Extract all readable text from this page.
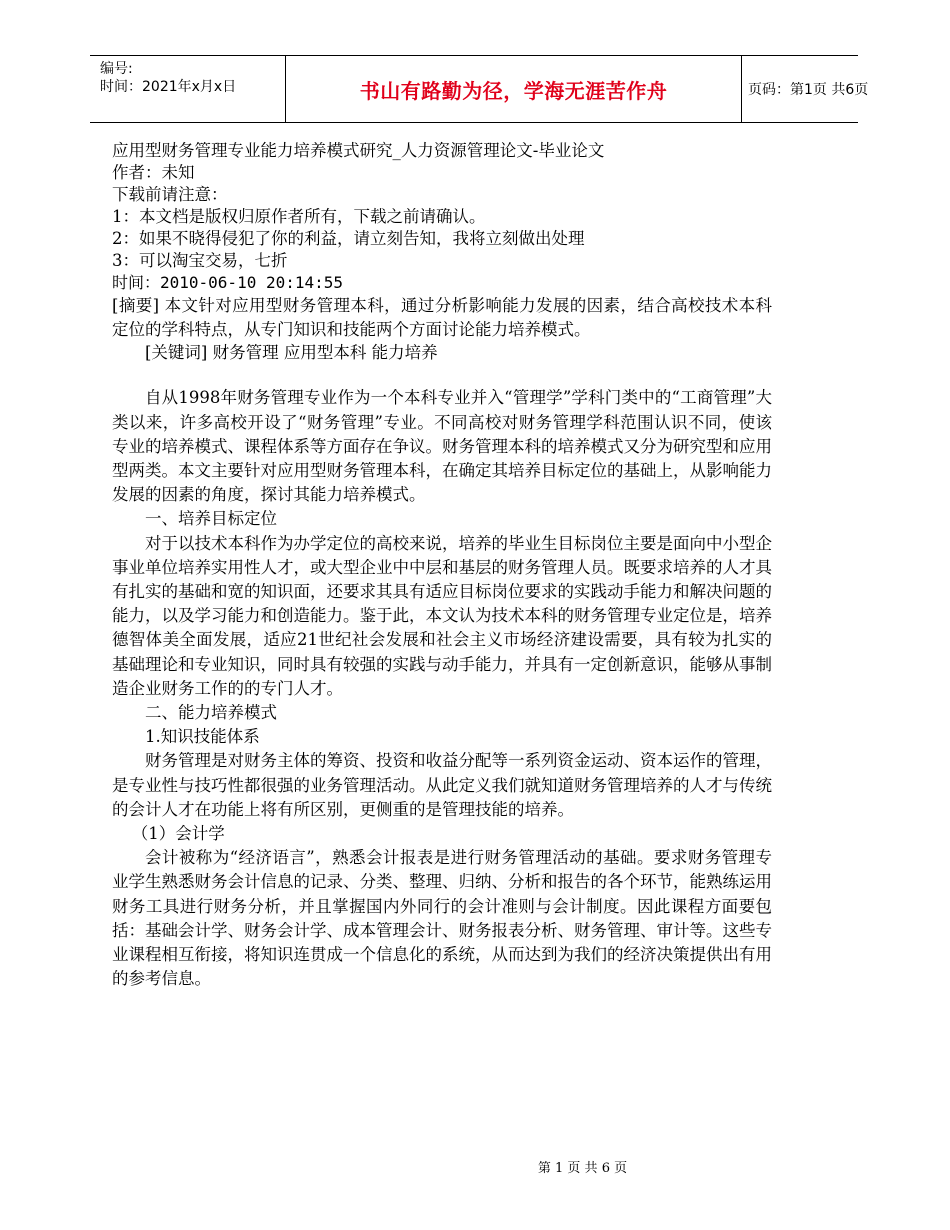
编号:
时间：2021年x月x日	书山有路勤为径，学海无涯苦作舟	页码：第1页 共6页
应用型财务管理专业能力培养模式研究_人力资源管理论文-毕业论文
作者：未知
下载前请注意：
1：本文档是版权归原作者所有，下载之前请确认。
2：如果不晓得侵犯了你的利益，请立刻告知，我将立刻做出处理
3：可以淘宝交易，七折
时间：2010-06-10 20:14:55

[摘要] 本文针对应用型财务管理本科，通过分析影响能力发展的因素，结合高校技术本科定位的学科特点，从专门知识和技能两个方面讨论能力培养模式。

[关键词] 财务管理 应用型本科 能力培养

自从1998年财务管理专业作为一个本科专业并入“管理学”学科门类中的“工商管理”大类以来，许多高校开设了“财务管理”专业。不同高校对财务管理学科范围认识不同，使该专业的培养模式、课程体系等方面存在争议。财务管理本科的培养模式又分为研究型和应用型两类。本文主要针对应用型财务管理本科，在确定其培养目标定位的基础上，从影响能力发展的因素的角度，探讨其能力培养模式。

一、培养目标定位

对于以技术本科作为办学定位的高校来说，培养的毕业生目标岗位主要是面向中小型企事业单位培养实用性人才，或大型企业中中层和基层的财务管理人员。既要求培养的人才具有扎实的基础和宽的知识面，还要求其具有适应目标岗位要求的实践动手能力和解决问题的能力，以及学习能力和创造能力。鉴于此，本文认为技术本科的财务管理专业定位是，培养德智体美全面发展，适应21世纪社会发展和社会主义市场经济建设需要，具有较为扎实的基础理论和专业知识，同时具有较强的实践与动手能力，并具有一定创新意识，能够从事制造企业财务工作的的专门人才。

二、能力培养模式

1.知识技能体系

财务管理是对财务主体的筹资、投资和收益分配等一系列资金运动、资本运作的管理，是专业性与技巧性都很强的业务管理活动。从此定义我们就知道财务管理培养的人才与传统的会计人才在功能上将有所区别，更侧重的是管理技能的培养。

（1）会计学

会计被称为“经济语言”，熟悉会计报表是进行财务管理活动的基础。要求财务管理专业学生熟悉财务会计信息的记录、分类、整理、归纳、分析和报告的各个环节，能熟练运用财务工具进行财务分析，并且掌握国内外同行的会计准则与会计制度。因此课程方面要包括：基础会计学、财务会计学、成本管理会计、财务报表分析、财务管理、审计等。这些专业课程相互衔接，将知识连贯成一个信息化的系统，从而达到为我们的经济决策提供出有用的参考信息。

第 1 页 共 6 页
